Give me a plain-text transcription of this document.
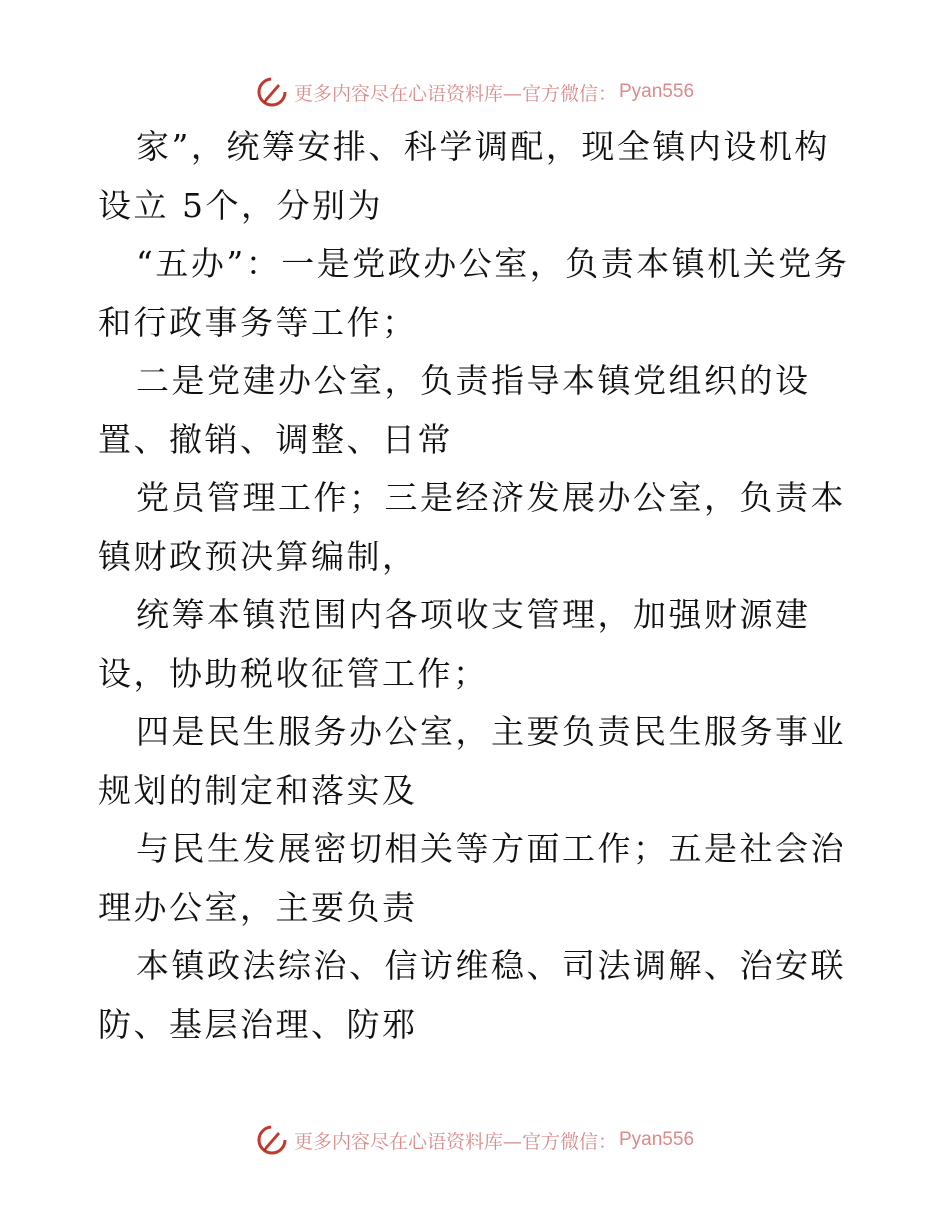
更多内容尽在心语资料库—官方微信： Pyan556

家”，统筹安排、科学调配，现全镇内设机构设立 5个，分别为

“五办”：一是党政办公室，负责本镇机关党务和行政事务等工作；

二是党建办公室，负责指导本镇党组织的设置、撤销、调整、日常

党员管理工作；三是经济发展办公室，负责本镇财政预决算编制，

统筹本镇范围内各项收支管理，加强财源建设，协助税收征管工作；

四是民生服务办公室，主要负责民生服务事业规划的制定和落实及

与民生发展密切相关等方面工作；五是社会治理办公室，主要负责

本镇政法综治、信访维稳、司法调解、治安联防、基层治理、防邪

更多内容尽在心语资料库—官方微信： Pyan556
